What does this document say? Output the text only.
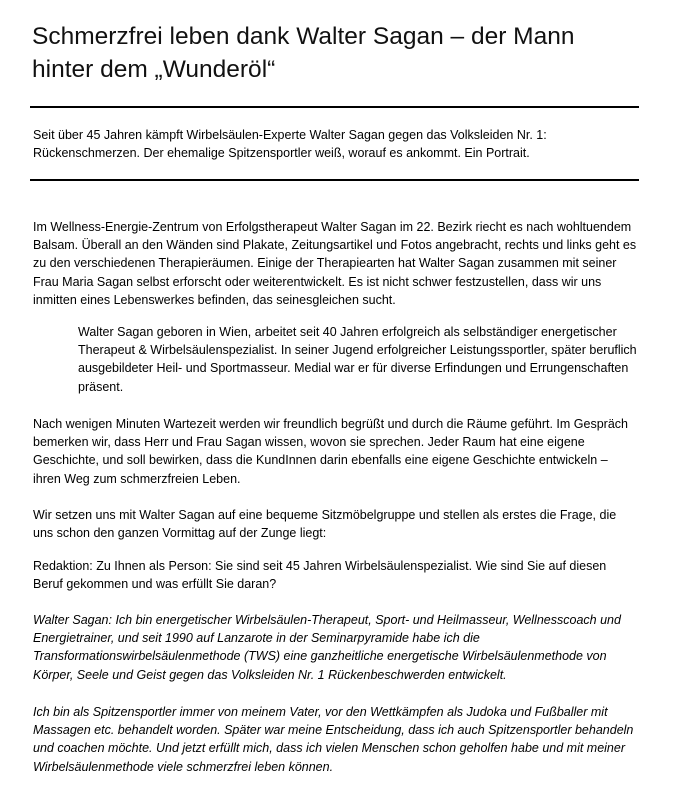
Schmerzfrei leben dank Walter Sagan – der Mann hinter dem „Wunderöl“

Seit über 45 Jahren kämpft Wirbelsäulen-Experte Walter Sagan gegen das Volksleiden Nr. 1: Rückenschmerzen. Der ehemalige Spitzensportler weiß, worauf es ankommt. Ein Portrait.

Im Wellness-Energie-Zentrum von Erfolgstherapeut Walter Sagan im 22. Bezirk riecht es nach wohltuendem Balsam. Überall an den Wänden sind Plakate, Zeitungsartikel und Fotos angebracht, rechts und links geht es zu den verschiedenen Therapieräumen. Einige der Therapiearten hat Walter Sagan zusammen mit seiner Frau Maria Sagan selbst erforscht oder weiterentwickelt. Es ist nicht schwer festzustellen, dass wir uns inmitten eines Lebenswerkes befinden, das seinesgleichen sucht.

Walter Sagan geboren in Wien, arbeitet seit 40 Jahren erfolgreich als selbständiger energetischer Therapeut & Wirbelsäulenspezialist. In seiner Jugend erfolgreicher Leistungssportler, später beruflich ausgebildeter Heil- und Sportmasseur. Medial war er für diverse Erfindungen und Errungenschaften präsent.

Nach wenigen Minuten Wartezeit werden wir freundlich begrüßt und durch die Räume geführt. Im Gespräch bemerken wir, dass Herr und Frau Sagan wissen, wovon sie sprechen. Jeder Raum hat eine eigene Geschichte, und soll bewirken, dass die KundInnen darin ebenfalls eine eigene Geschichte entwickeln – ihren Weg zum schmerzfreien Leben.

Wir setzen uns mit Walter Sagan auf eine bequeme Sitzmöbelgruppe und stellen als erstes die Frage, die uns schon den ganzen Vormittag auf der Zunge liegt:

Redaktion: Zu Ihnen als Person: Sie sind seit 45 Jahren Wirbelsäulenspezialist. Wie sind Sie auf diesen Beruf gekommen und was erfüllt Sie daran?

Walter Sagan: Ich bin energetischer Wirbelsäulen-Therapeut, Sport- und Heilmasseur, Wellnesscoach und Energietrainer, und seit 1990 auf Lanzarote in der Seminarpyramide habe ich die Transformationswirbelsäulenmethode (TWS) eine ganzheitliche energetische Wirbelsäulenmethode von Körper, Seele und Geist gegen das Volksleiden Nr. 1 Rückenbeschwerden entwickelt.

Ich bin als Spitzensportler immer von meinem Vater, vor den Wettkämpfen als Judoka und Fußballer mit Massagen etc. behandelt worden. Später war meine Entscheidung, dass ich auch Spitzensportler behandeln und coachen möchte. Und jetzt erfüllt mich, dass ich vielen Menschen schon geholfen habe und mit meiner Wirbelsäulenmethode viele schmerzfrei leben können.
